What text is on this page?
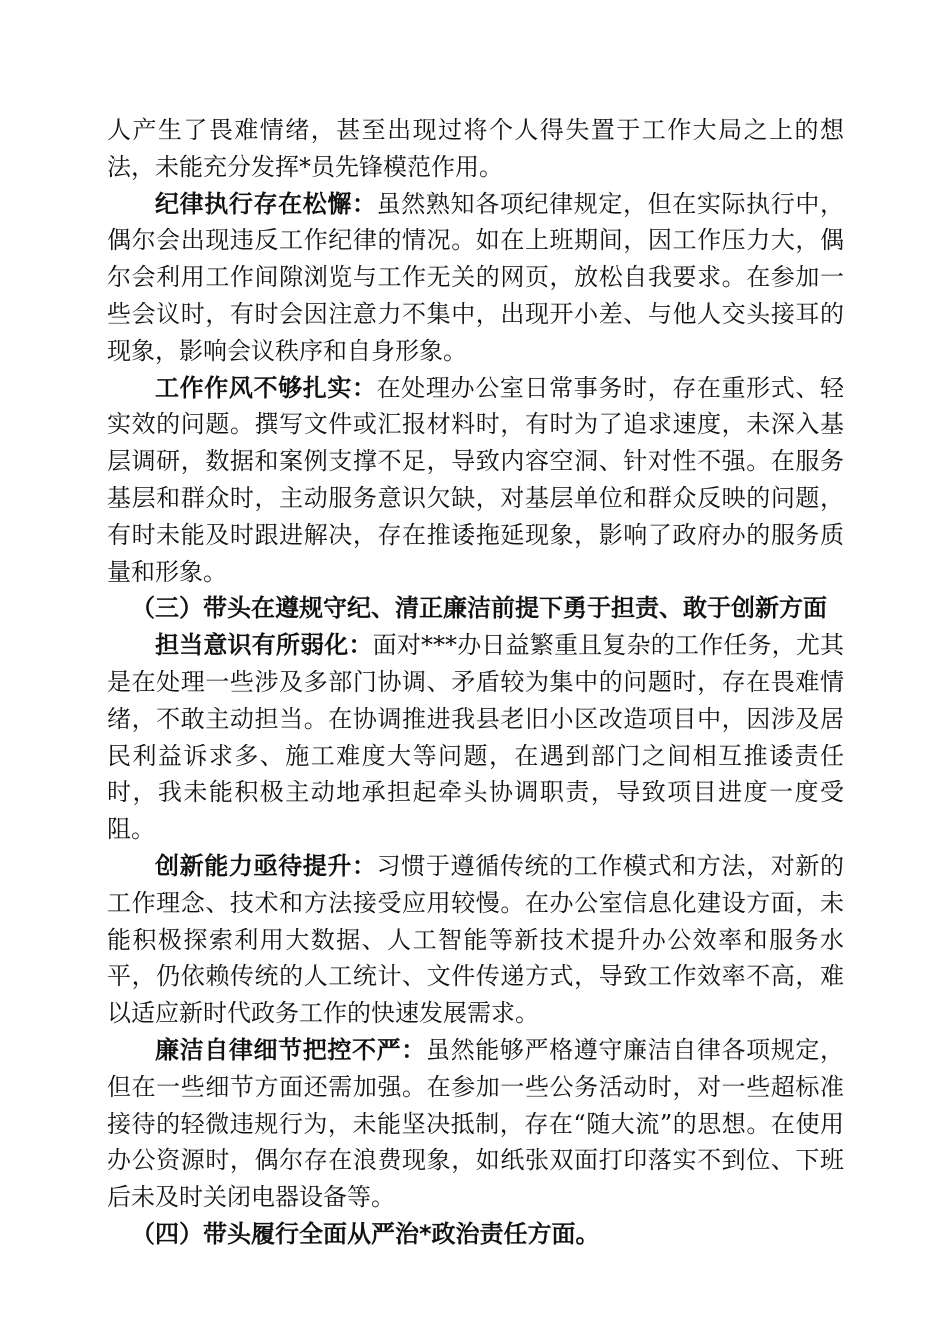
人产生了畏难情绪，甚至出现过将个人得失置于工作大局之上的想法，未能充分发挥*员先锋模范作用。

纪律执行存在松懈：虽然熟知各项纪律规定，但在实际执行中，偶尔会出现违反工作纪律的情况。如在上班期间，因工作压力大，偶尔会利用工作间隙浏览与工作无关的网页，放松自我要求。在参加一些会议时，有时会因注意力不集中，出现开小差、与他人交头接耳的现象，影响会议秩序和自身形象。

工作作风不够扎实：在处理办公室日常事务时，存在重形式、轻实效的问题。撰写文件或汇报材料时，有时为了追求速度，未深入基层调研，数据和案例支撑不足，导致内容空洞、针对性不强。在服务基层和群众时，主动服务意识欠缺，对基层单位和群众反映的问题，有时未能及时跟进解决，存在推诿拖延现象，影响了政府办的服务质量和形象。

（三）带头在遵规守纪、清正廉洁前提下勇于担责、敢于创新方面

担当意识有所弱化：面对***办日益繁重且复杂的工作任务，尤其是在处理一些涉及多部门协调、矛盾较为集中的问题时，存在畏难情绪，不敢主动担当。在协调推进我县老旧小区改造项目中，因涉及居民利益诉求多、施工难度大等问题，在遇到部门之间相互推诿责任时，我未能积极主动地承担起牵头协调职责，导致项目进度一度受阻。

创新能力亟待提升：习惯于遵循传统的工作模式和方法，对新的工作理念、技术和方法接受应用较慢。在办公室信息化建设方面，未能积极探索利用大数据、人工智能等新技术提升办公效率和服务水平，仍依赖传统的人工统计、文件传递方式，导致工作效率不高，难以适应新时代政务工作的快速发展需求。

廉洁自律细节把控不严：虽然能够严格遵守廉洁自律各项规定，但在一些细节方面还需加强。在参加一些公务活动时，对一些超标准接待的轻微违规行为，未能坚决抵制，存在“随大流”的思想。在使用办公资源时，偶尔存在浪费现象，如纸张双面打印落实不到位、下班后未及时关闭电器设备等。

（四）带头履行全面从严治*政治责任方面。
